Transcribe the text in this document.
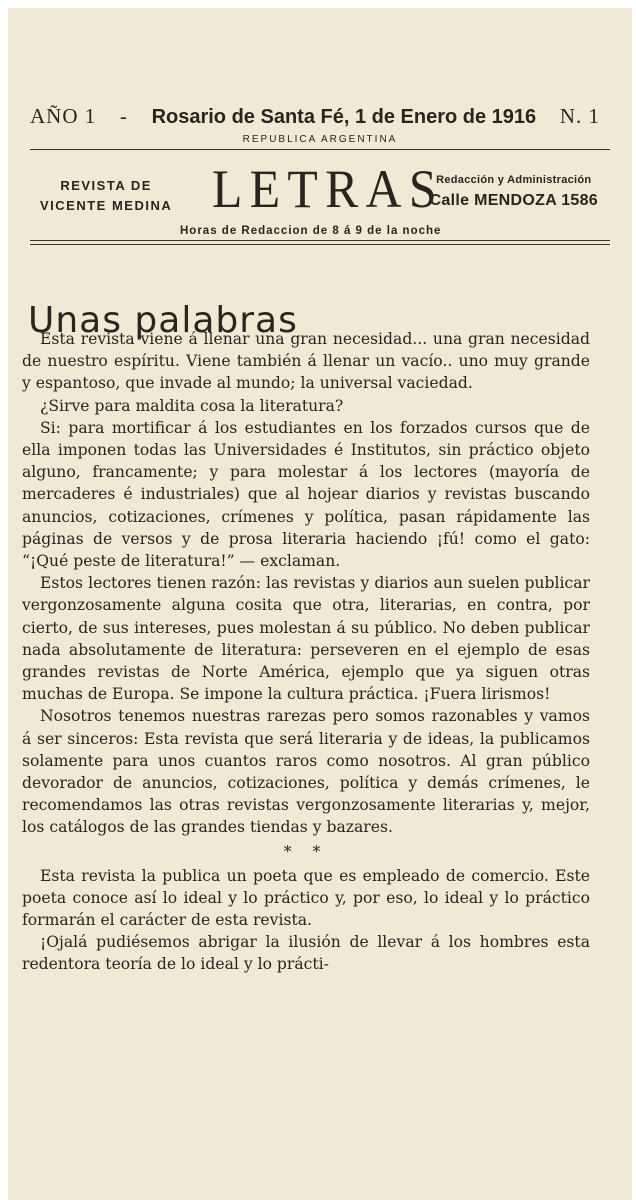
AÑO 1 - Rosario de Santa Fé, 1 de Enero de 1916 N. 1
REPUBLICA ARGENTINA
REVISTA DE
VICENTE MEDINA LETRAS
Redacción y Administración
Calle MENDOZA 1586
Horas de Redaccion de 8 á 9 de la noche
Unas palabras

Esta revista viene á llenar una gran necesidad... una gran necesidad de nuestro espíritu. Viene también á llenar un vacío.. uno muy grande y espantoso, que invade al mundo; la universal vaciedad.

¿Sirve para maldita cosa la literatura?

Si: para mortificar á los estudiantes en los forzados cursos que de ella imponen todas las Universidades é Institutos, sin práctico objeto alguno, francamente; y para molestar á los lectores (mayoría de mercaderes é industriales) que al hojear diarios y revistas buscando anuncios, cotizaciones, crímenes y política, pasan rápidamente las páginas de versos y de prosa literaria haciendo ¡fú! como el gato: “¡Qué peste de literatura!” — exclaman.

Estos lectores tienen razón: las revistas y diarios aun suelen publicar vergonzosamente alguna cosita que otra, literarias, en contra, por cierto, de sus intereses, pues molestan á su público. No deben publicar nada absolutamente de literatura: perseveren en el ejemplo de esas grandes revistas de Norte América, ejemplo que ya siguen otras muchas de Europa. Se impone la cultura práctica. ¡Fuera lirismos!

Nosotros tenemos nuestras rarezas pero somos razonables y vamos á ser sinceros: Esta revista que será literaria y de ideas, la publicamos solamente para unos cuantos raros como nosotros. Al gran público devorador de anuncios, cotizaciones, política y demás crímenes, le recomendamos las otras revistas vergonzosamente literarias y, mejor, los catálogos de las grandes tiendas y bazares.

* *

Esta revista la publica un poeta que es empleado de comercio. Este poeta conoce así lo ideal y lo práctico y, por eso, lo ideal y lo práctico formarán el carácter de esta revista.

¡Ojalá pudiésemos abrigar la ilusión de llevar á los hombres esta redentora teoría de lo ideal y lo prácti-
